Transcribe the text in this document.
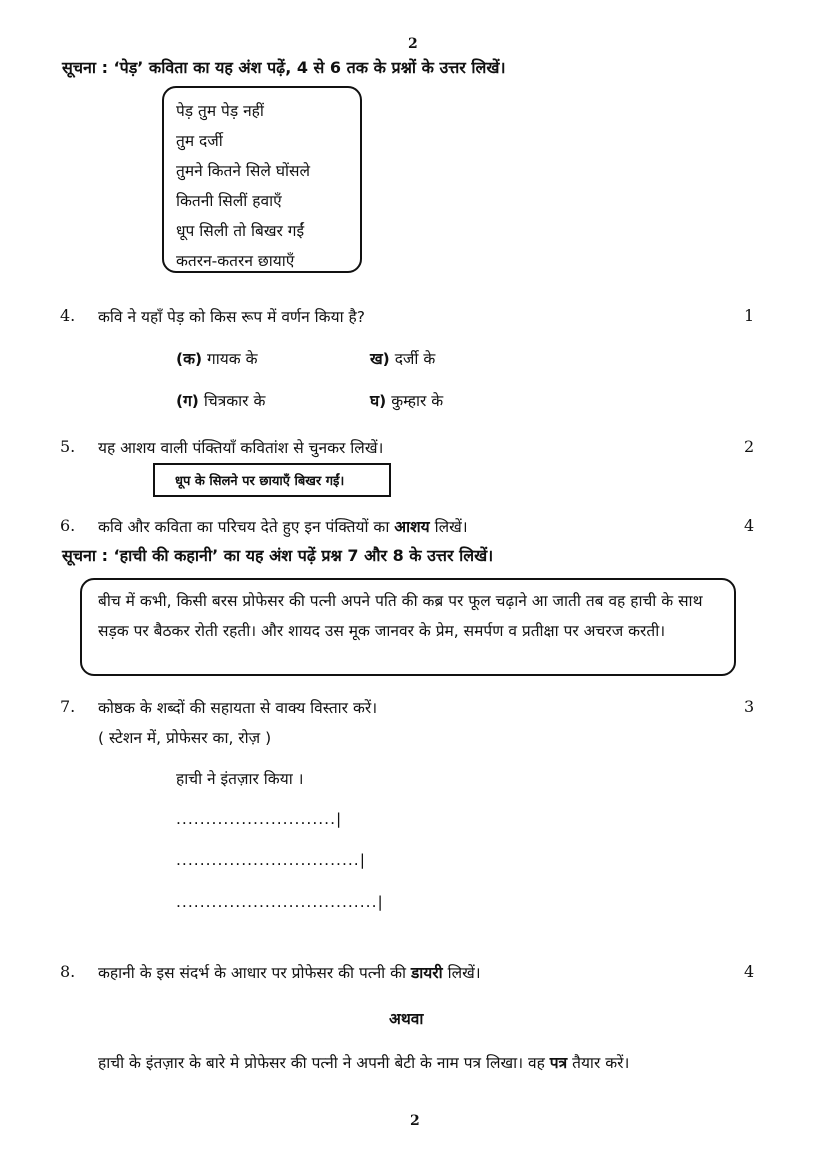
2
सूचना : ‘पेड़’ कविता का यह अंश पढ़ें, 4 से 6 तक के प्रश्नों के उत्तर लिखें।
पेड़ तुम पेड़ नहीं
तुम दर्जी
तुमने कितने सिले घोंसले
कितनी सिलीं हवाएँ
धूप सिली तो बिखर गईं
कतरन-कतरन छायाएँ
4. कवि ने यहाँ पेड़ को किस रूप में वर्णन किया है?	1
(क) गायक के	ख) दर्जी के
(ग) चित्रकार के	घ) कुम्हार के
5. यह आशय वाली पंक्तियाँ कवितांश से चुनकर लिखें।	2
धूप के सिलने पर छायाएँ बिखर गईं।
6. कवि और कविता का परिचय देते हुए इन पंक्तियों का आशय लिखें।	4
सूचना : ‘हाची की कहानी’ का यह अंश पढ़ें प्रश्न 7 और 8 के उत्तर लिखें।
बीच में कभी, किसी बरस प्रोफेसर की पत्नी अपने पति की कब्र पर फूल चढ़ाने आ जाती तब वह हाची के साथ सड़क पर बैठकर रोती रहती। और शायद उस मूक जानवर के प्रेम, समर्पण व प्रतीक्षा पर अचरज करती।
7. कोष्ठक के शब्दों की सहायता से वाक्य विस्तार करें।	3
( स्टेशन में, प्रोफेसर का, रोज़ )
हाची ने इंतज़ार किया ।
...........................|
...............................|
..................................|
8. कहानी के इस संदर्भ के आधार पर प्रोफेसर की पत्नी की डायरी लिखें।	4
अथवा
हाची के इंतज़ार के बारे मे प्रोफेसर की पत्नी ने अपनी बेटी के नाम पत्र लिखा। वह पत्र तैयार करें।
2
